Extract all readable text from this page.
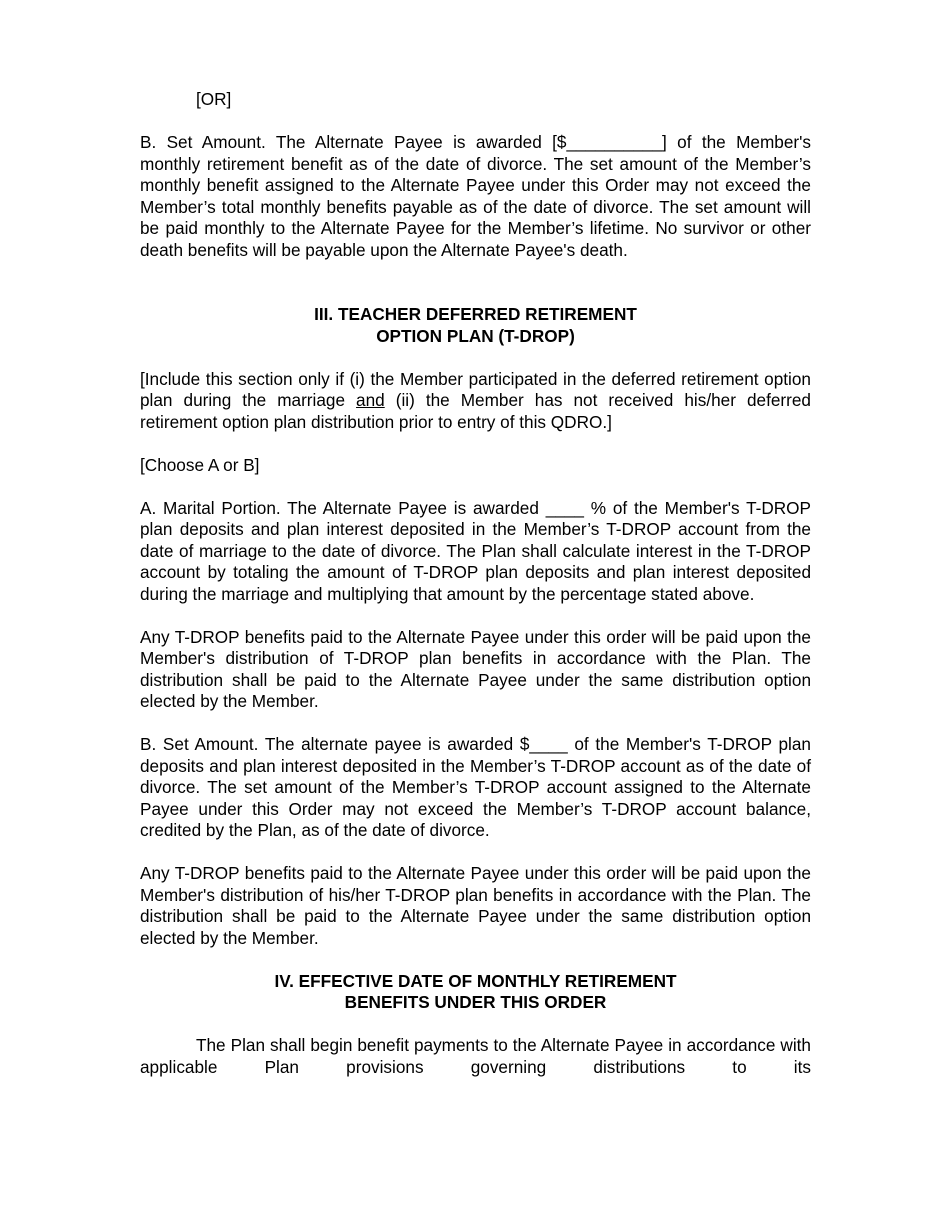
[OR]

B. Set Amount. The Alternate Payee is awarded [$__________] of the Member's monthly retirement benefit as of the date of divorce. The set amount of the Member’s monthly benefit assigned to the Alternate Payee under this Order may not exceed the Member’s total monthly benefits payable as of the date of divorce. The set amount will be paid monthly to the Alternate Payee for the Member’s lifetime. No survivor or other death benefits will be payable upon the Alternate Payee's death.

III. TEACHER DEFERRED RETIREMENT
OPTION PLAN (T-DROP)

[Include this section only if (i) the Member participated in the deferred retirement option plan during the marriage and (ii) the Member has not received his/her deferred retirement option plan distribution prior to entry of this QDRO.]

[Choose A or B]

A. Marital Portion. The Alternate Payee is awarded ____ % of the Member's T-DROP plan deposits and plan interest deposited in the Member’s T-DROP account from the date of marriage to the date of divorce. The Plan shall calculate interest in the T-DROP account by totaling the amount of T-DROP plan deposits and plan interest deposited during the marriage and multiplying that amount by the percentage stated above.

Any T-DROP benefits paid to the Alternate Payee under this order will be paid upon the Member's distribution of T-DROP plan benefits in accordance with the Plan. The distribution shall be paid to the Alternate Payee under the same distribution option elected by the Member.

B. Set Amount. The alternate payee is awarded $____ of the Member's T-DROP plan deposits and plan interest deposited in the Member’s T-DROP account as of the date of divorce. The set amount of the Member’s T-DROP account assigned to the Alternate Payee under this Order may not exceed the Member’s T-DROP account balance, credited by the Plan, as of the date of divorce.

Any T-DROP benefits paid to the Alternate Payee under this order will be paid upon the Member's distribution of his/her T-DROP plan benefits in accordance with the Plan. The distribution shall be paid to the Alternate Payee under the same distribution option elected by the Member.

IV. EFFECTIVE DATE OF MONTHLY RETIREMENT
BENEFITS UNDER THIS ORDER

The Plan shall begin benefit payments to the Alternate Payee in accordance with applicable Plan provisions governing distributions to its
